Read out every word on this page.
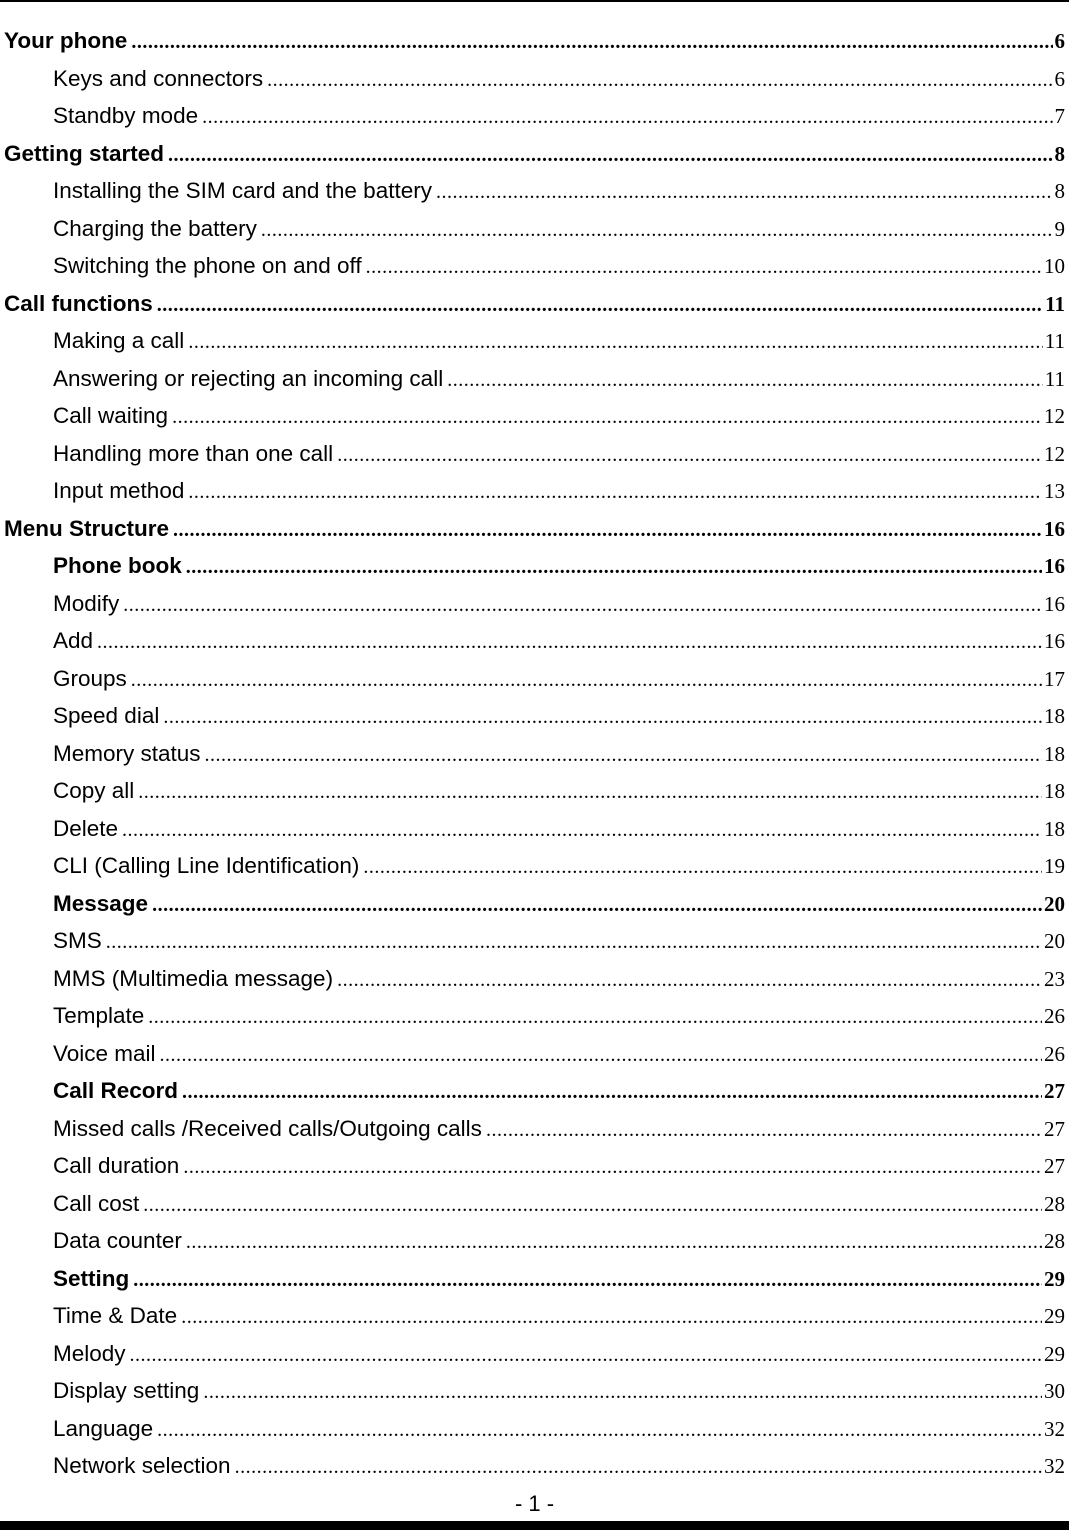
Your phone .....	6
Keys and connectors .....	6
Standby mode .....	7
Getting started .....	8
Installing the SIM card and the battery .....	8
Charging the battery .....	9
Switching the phone on and off .....	10
Call functions .....	11
Making a call .....	11
Answering or rejecting an incoming call .....	11
Call waiting .....	12
Handling more than one call .....	12
Input method .....	13
Menu Structure .....	16
Phone book .....	16
Modify .....	16
Add .....	16
Groups .....	17
Speed dial .....	18
Memory status .....	18
Copy all .....	18
Delete .....	18
CLI (Calling Line Identification) .....	19
Message .....	20
SMS .....	20
MMS (Multimedia message) .....	23
Template .....	26
Voice mail .....	26
Call Record .....	27
Missed calls /Received calls/Outgoing calls .....	27
Call duration .....	27
Call cost .....	28
Data counter .....	28
Setting .....	29
Time & Date .....	29
Melody .....	29
Display setting .....	30
Language .....	32
Network selection .....	32
- 1 -
